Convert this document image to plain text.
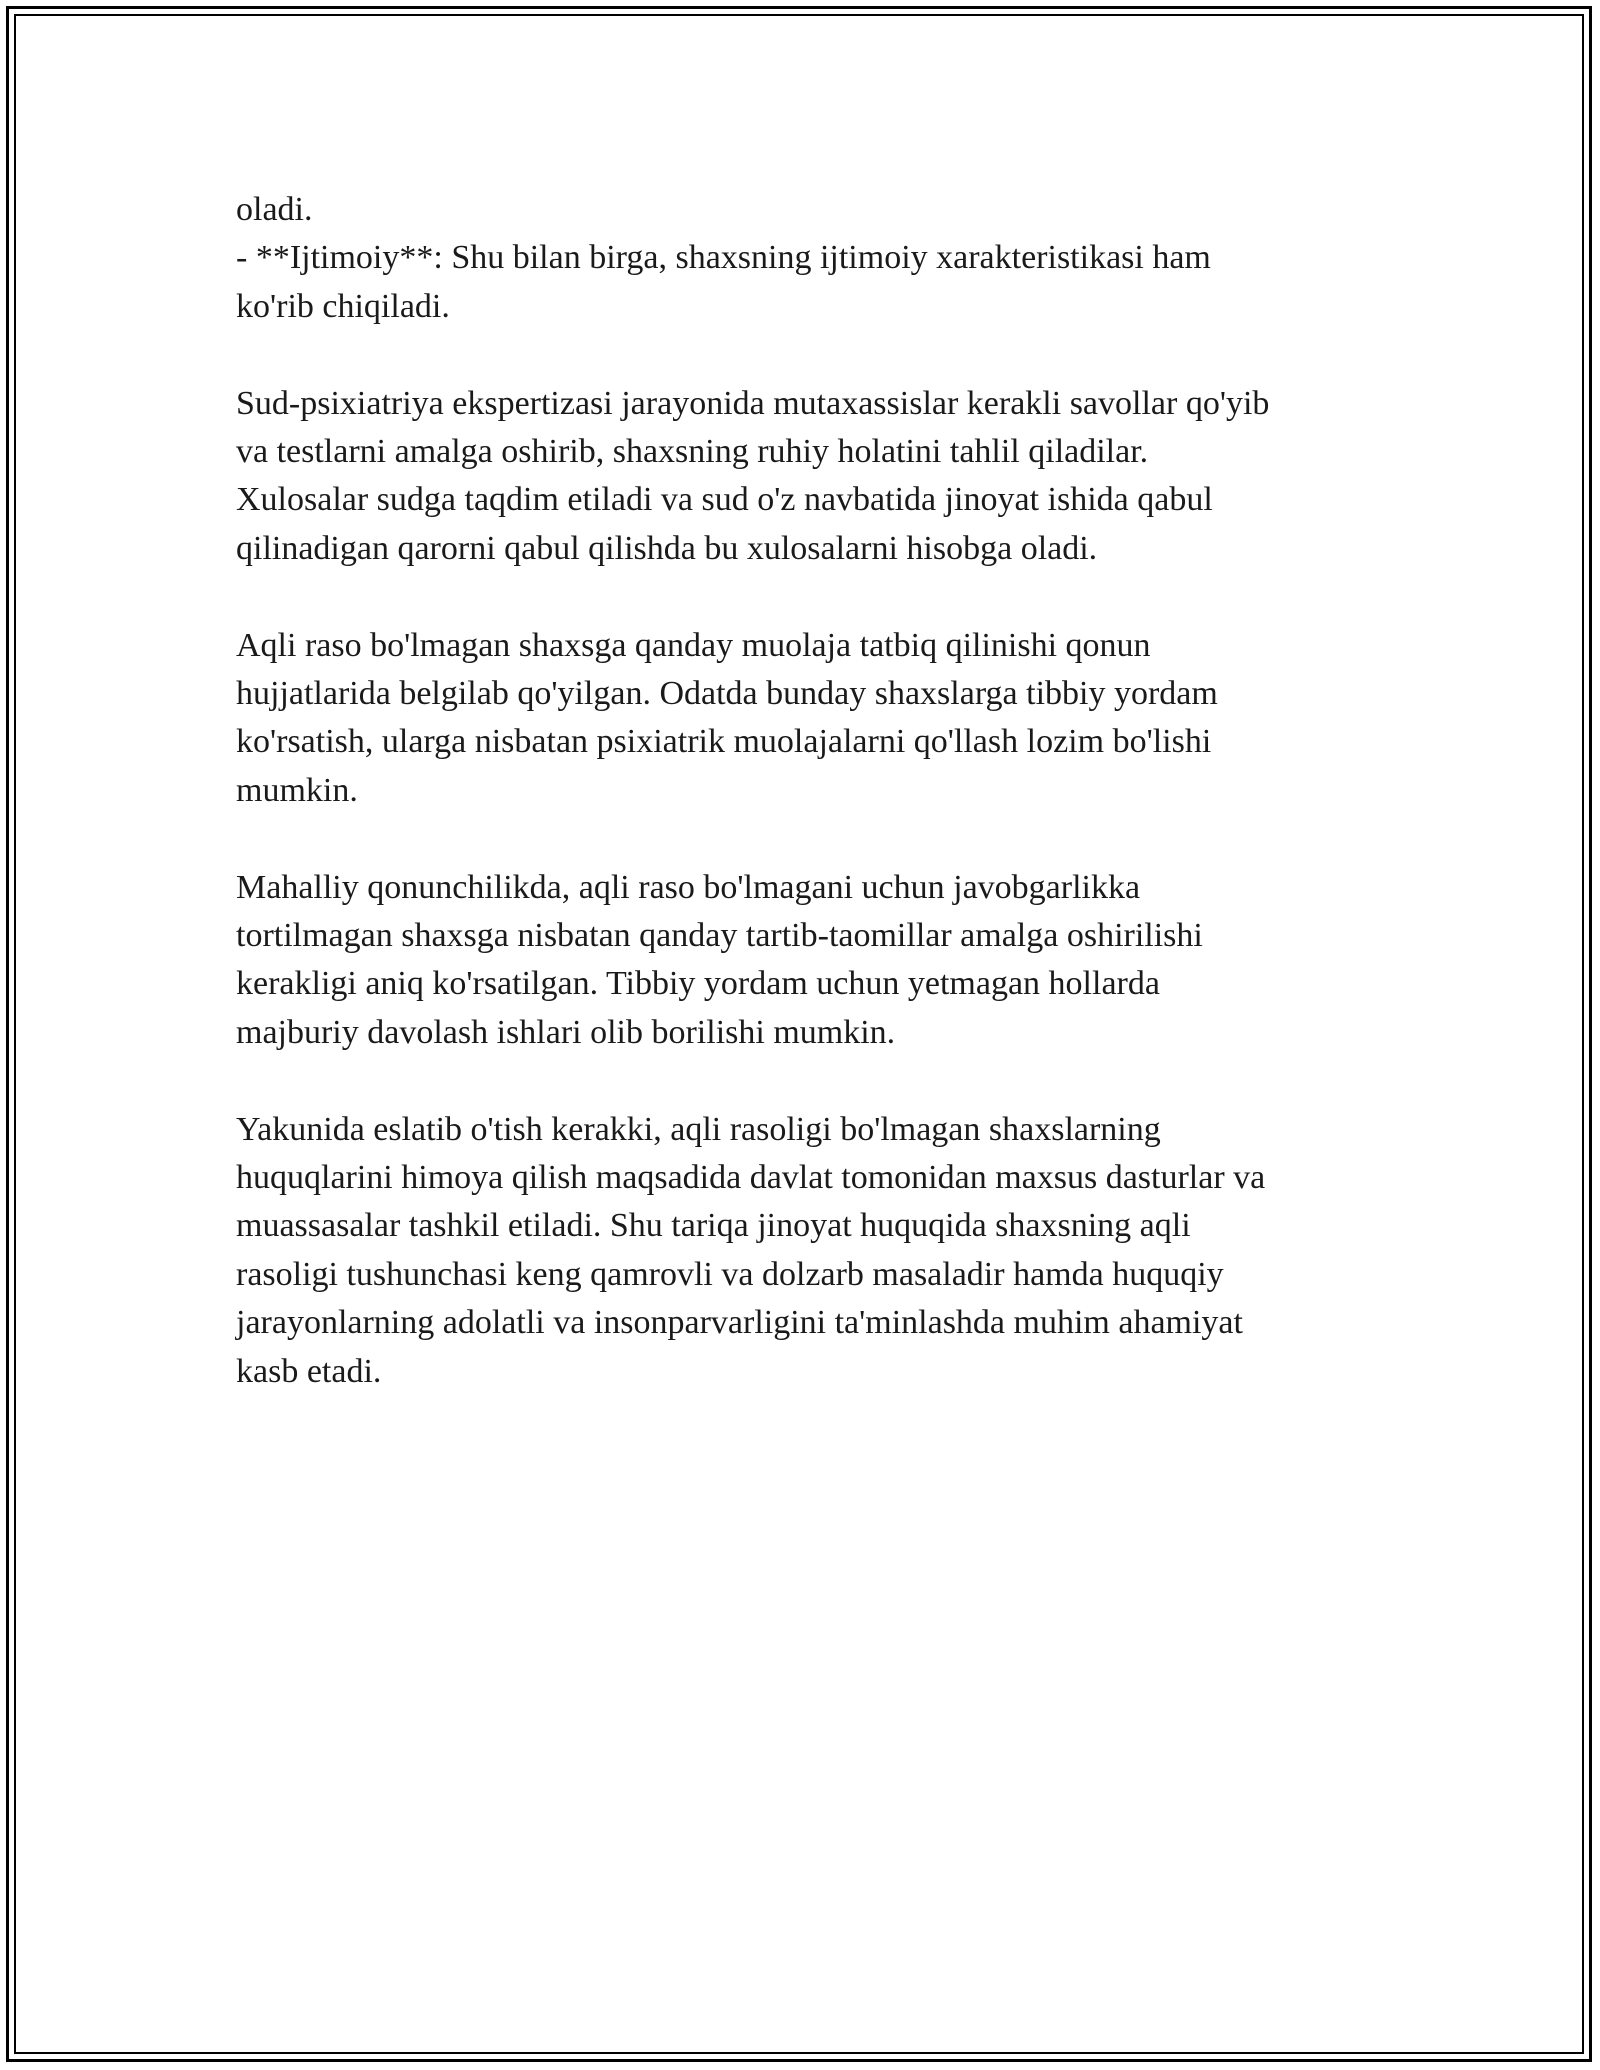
oladi.
- **Ijtimoiy**: Shu bilan birga, shaxsning ijtimoiy xarakteristikasi ham
ko'rib chiqiladi.
Sud-psixiatriya ekspertizasi jarayonida mutaxassislar kerakli savollar qo'yib
va testlarni amalga oshirib, shaxsning ruhiy holatini tahlil qiladilar.
Xulosalar sudga taqdim etiladi va sud o'z navbatida jinoyat ishida qabul
qilinadigan qarorni qabul qilishda bu xulosalarni hisobga oladi.
Aqli raso bo'lmagan shaxsga qanday muolaja tatbiq qilinishi qonun
hujjatlarida belgilab qo'yilgan. Odatda bunday shaxslarga tibbiy yordam
ko'rsatish, ularga nisbatan psixiatrik muolajalarni qo'llash lozim bo'lishi
mumkin.
Mahalliy qonunchilikda, aqli raso bo'lmagani uchun javobgarlikka
tortilmagan shaxsga nisbatan qanday tartib-taomillar amalga oshirilishi
kerakligi aniq ko'rsatilgan. Tibbiy yordam uchun yetmagan hollarda
majburiy davolash ishlari olib borilishi mumkin.
Yakunida eslatib o'tish kerakki, aqli rasoligi bo'lmagan shaxslarning
huquqlarini himoya qilish maqsadida davlat tomonidan maxsus dasturlar va
muassasalar tashkil etiladi. Shu tariqa jinoyat huquqida shaxsning aqli
rasoligi tushunchasi keng qamrovli va dolzarb masaladir hamda huquqiy
jarayonlarning adolatli va insonparvarligini ta'minlashda muhim ahamiyat
kasb etadi.
